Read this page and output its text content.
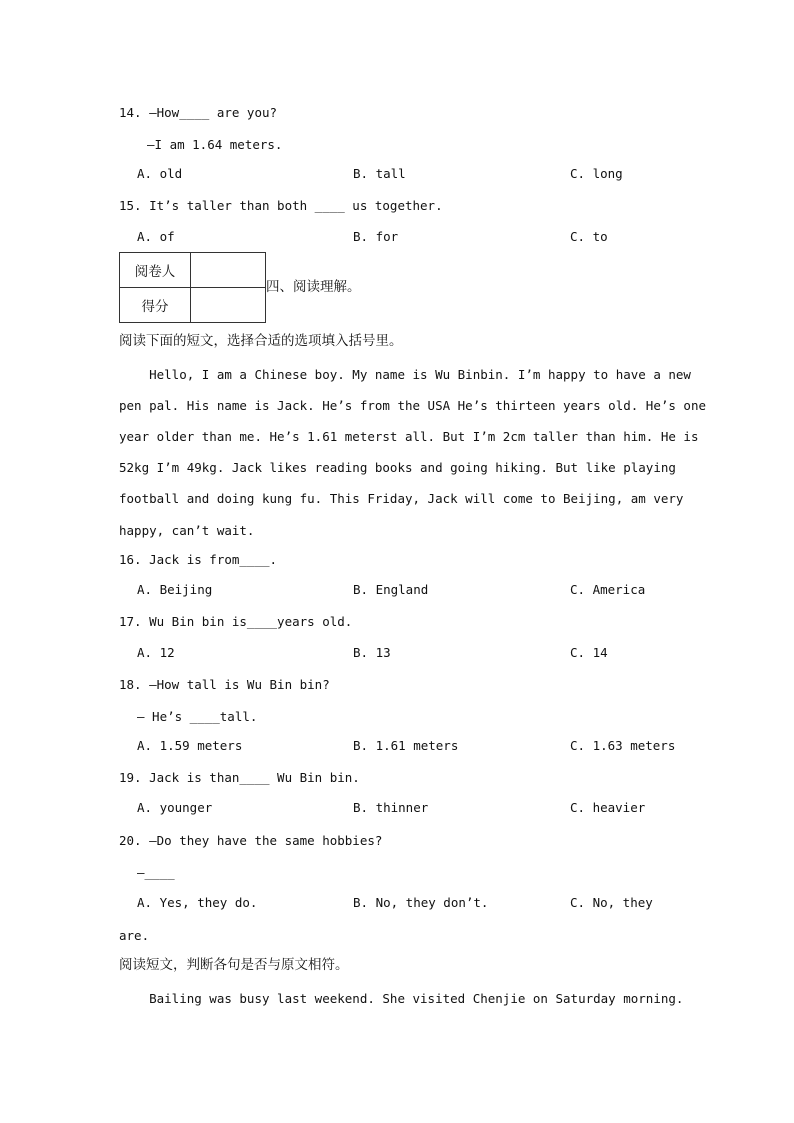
14. —How____ are you?
—I am 1.64 meters.
A. old	B. tall	C. long
15. It’s taller than both ____ us together.
A. of	B. for	C. to
阅卷人	
得分	
四、阅读理解。
阅读下面的短文，选择合适的选项填入括号里。
Hello, I am a Chinese boy. My name is Wu Binbin. I’m happy to have a new
pen pal. His name is Jack. He’s from the USA He’s thirteen years old. He’s one
year older than me. He’s 1.61 meterst all. But I’m 2cm taller than him. He is
52kg I’m 49kg. Jack likes reading books and going hiking. But like playing
football and doing kung fu. This Friday, Jack will come to Beijing, am very
happy, can’t wait.
16. Jack is from____.
A. Beijing	B. England	C. America
17. Wu Bin bin is____years old.
A. 12	B. 13	C. 14
18. —How tall is Wu Bin bin?
— He’s ____tall.
A. 1.59 meters	B. 1.61 meters	C. 1.63 meters
19. Jack is than____ Wu Bin bin.
A. younger	B. thinner	C. heavier
20. —Do they have the same hobbies?
—____
A. Yes, they do.	B. No, they don’t.	C. No, they
are.
阅读短文，判断各句是否与原文相符。
Bailing was busy last weekend. She visited Chenjie on Saturday morning.
